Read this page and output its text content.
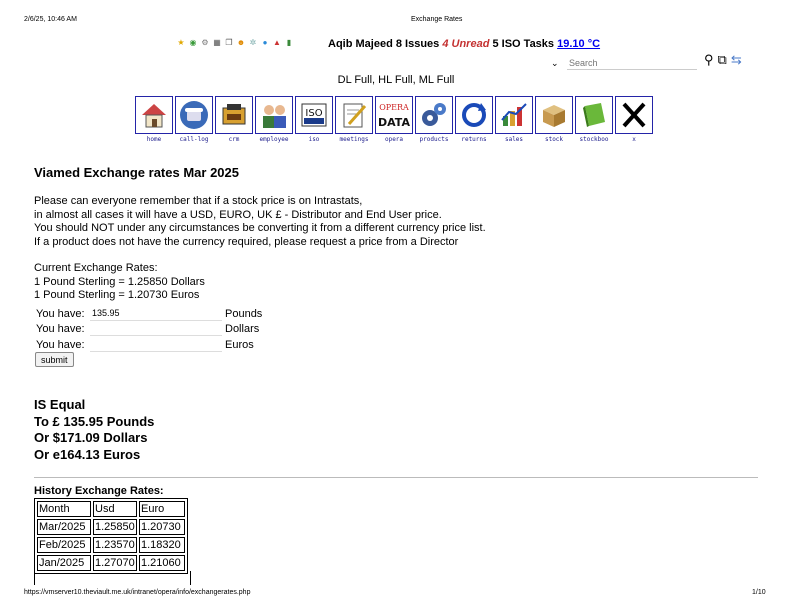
2/6/25, 10:46 AM	Exchange Rates
★ ◉ ⚙ ▦ ❐ ☻ ✲ ● ▲ ▮	Aqib Majeed 8 Issues 4 Unread 5 ISO Tasks 19.10 °C
⌄
Search	⚲ ⧉ ⇆
DL Full, HL Full, ML Full
home	call-log	crm	employee
ISO
iso	meetings
OPERA
DATA
opera	products	returns	sales	stock	stockboo	x
Viamed Exchange rates Mar 2025
Please can everyone remember that if a stock price is on Intrastats,
in almost all cases it will have a USD, EURO, UK £ - Distributor and End User price.
You should NOT under any circumstances be converting it from a different currency price list.
If a product does not have the currency required, please request a price from a Director
Current Exchange Rates:
1 Pound Sterling = 1.25850 Dollars
1 Pound Sterling = 1.20730 Euros
You have:
135.95	Pounds
You have:	Dollars
You have:	Euros
submit
IS Equal
To £ 135.95 Pounds
Or $171.09 Dollars
Or e164.13 Euros
History Exchange Rates:
Month	Usd	Euro
Mar/2025	1.25850	1.20730
Feb/2025	1.23570	1.18320
Jan/2025	1.27070	1.21060
https://vmserver10.theviault.me.uk/intranet/opera/info/exchangerates.php	1/10
